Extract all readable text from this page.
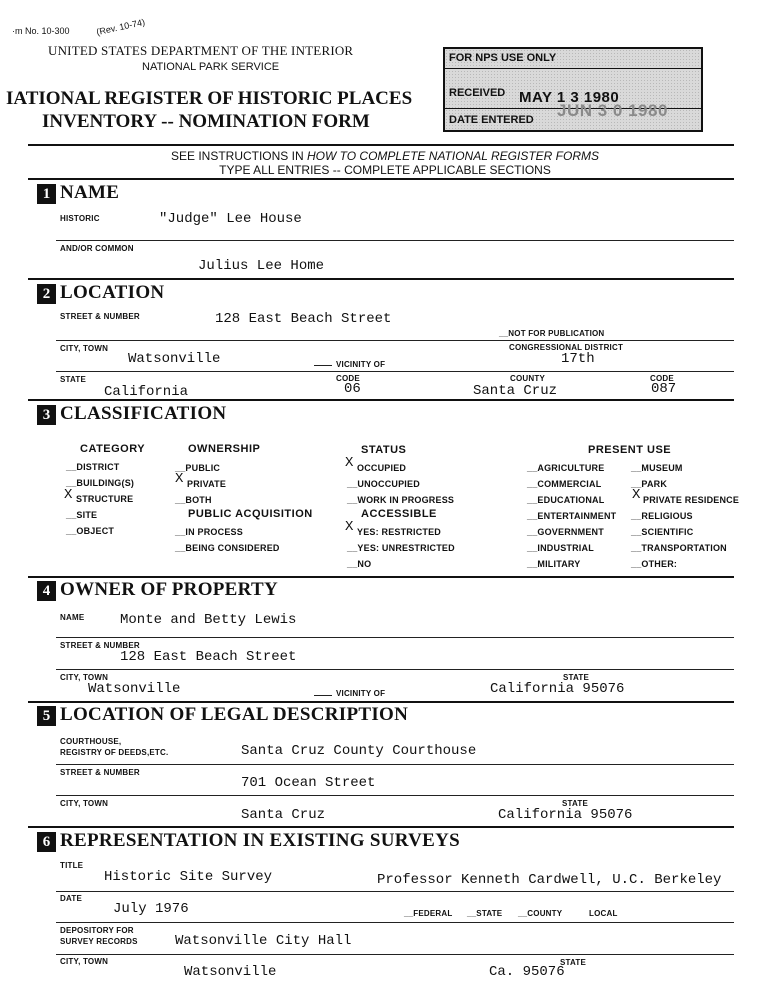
·m No. 10-300	(Rev. 10-74)
UNITED STATES DEPARTMENT OF THE INTERIOR
NATIONAL PARK SERVICE
IATIONAL REGISTER OF HISTORIC PLACES
INVENTORY -- NOMINATION FORM
FOR NPS USE ONLY
RECEIVED MAY 1 3 1980
DATE ENTERED JUN 3 0 1980
SEE INSTRUCTIONS IN HOW TO COMPLETE NATIONAL REGISTER FORMS
TYPE ALL ENTRIES -- COMPLETE APPLICABLE SECTIONS
1 NAME
HISTORIC	"Judge" Lee House
AND/OR COMMON
Julius Lee Home
2 LOCATION
STREET & NUMBER	128 East Beach Street
__NOT FOR PUBLICATION
CITY, TOWN	CONGRESSIONAL DISTRICT
Watsonville	VICINITY OF	17th
STATE	CODE	COUNTY	CODE
California	06	Santa Cruz	087
3 CLASSIFICATION
CATEGORY
__DISTRICT
__BUILDING(S)
X STRUCTURE
__SITE
__OBJECT
OWNERSHIP
__PUBLIC
X PRIVATE
__BOTH
PUBLIC ACQUISITION
__IN PROCESS
__BEING CONSIDERED
STATUS
X OCCUPIED
__UNOCCUPIED
__WORK IN PROGRESS
ACCESSIBLE
X YES: RESTRICTED
__YES: UNRESTRICTED
__NO
PRESENT USE
__AGRICULTURE
__COMMERCIAL
__EDUCATIONAL
__ENTERTAINMENT
__GOVERNMENT
__INDUSTRIAL
__MILITARY
__MUSEUM
__PARK
X PRIVATE RESIDENCE
__RELIGIOUS
__SCIENTIFIC
__TRANSPORTATION
__OTHER:
4 OWNER OF PROPERTY
NAME	Monte and Betty Lewis
STREET & NUMBER
128 East Beach Street
CITY, TOWN	STATE
Watsonville	VICINITY OF	California 95076
5 LOCATION OF LEGAL DESCRIPTION
COURTHOUSE,
REGISTRY OF DEEDS,ETC.	Santa Cruz County Courthouse
STREET & NUMBER
701 Ocean Street
CITY, TOWN	STATE
Santa Cruz	California 95076
6 REPRESENTATION IN EXISTING SURVEYS
TITLE
Historic Site Survey	Professor Kenneth Cardwell, U.C. Berkeley
DATE
July 1976	__FEDERAL __STATE __COUNTY	LOCAL
DEPOSITORY FOR
SURVEY RECORDS	Watsonville City Hall
CITY, TOWN	STATE
Watsonville	Ca. 95076
